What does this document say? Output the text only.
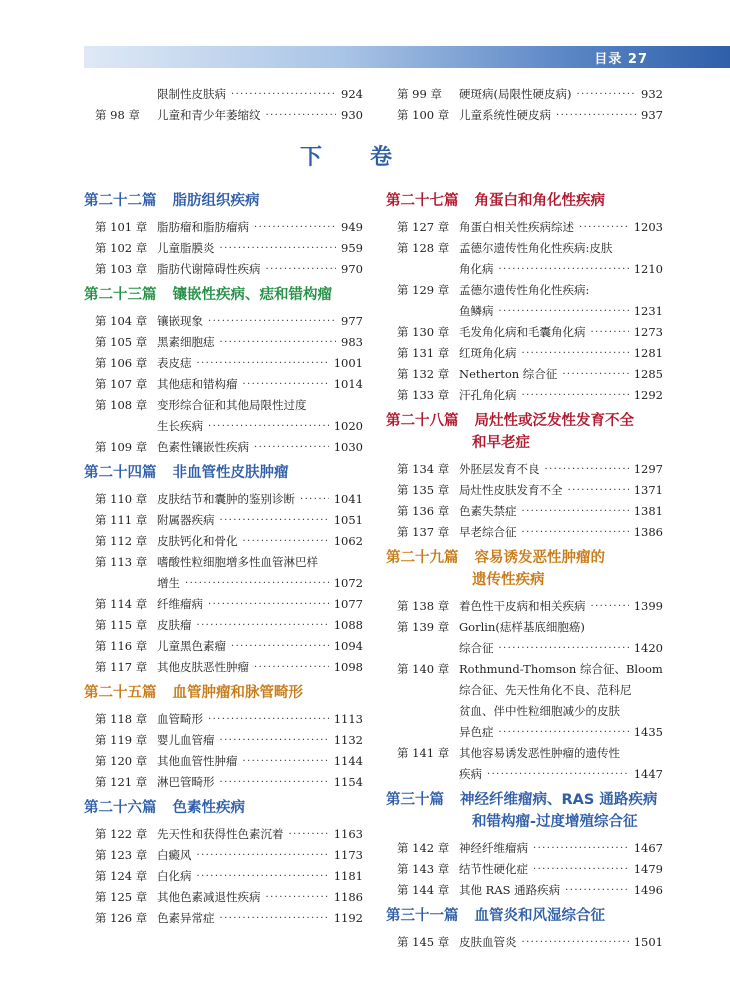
目录 27
限制性皮肤病 ·····	924
第 98 章 儿童和青少年萎缩纹 ·····	930
第 99 章 硬斑病(局限性硬皮病) ·····	932
第 100 章 儿童系统性硬皮病 ·····	937
下卷
第二十二篇 脂肪组织疾病
第 101 章 脂肪瘤和脂肪瘤病 ·····	949
第 102 章 儿童脂膜炎 ·····	959
第 103 章 脂肪代谢障碍性疾病 ·····	970
第二十三篇 镶嵌性疾病、痣和错构瘤
第 104 章 镶嵌现象 ·····	977
第 105 章 黑素细胞痣 ·····	983
第 106 章 表皮痣 ·····	1001
第 107 章 其他痣和错构瘤 ·····	1014
第 108 章 变形综合征和其他局限性过度
生长疾病 ·····	1020
第 109 章 色素性镶嵌性疾病 ·····	1030
第二十四篇 非血管性皮肤肿瘤
第 110 章 皮肤结节和囊肿的鉴别诊断 ·····	1041
第 111 章 附属器疾病 ·····	1051
第 112 章 皮肤钙化和骨化 ·····	1062
第 113 章 嗜酸性粒细胞增多性血管淋巴样
增生 ·····	1072
第 114 章 纤维瘤病 ·····	1077
第 115 章 皮肤瘤 ·····	1088
第 116 章 儿童黑色素瘤 ·····	1094
第 117 章 其他皮肤恶性肿瘤 ·····	1098
第二十五篇 血管肿瘤和脉管畸形
第 118 章 血管畸形 ·····	1113
第 119 章 婴儿血管瘤 ·····	1132
第 120 章 其他血管性肿瘤 ·····	1144
第 121 章 淋巴管畸形 ·····	1154
第二十六篇 色素性疾病
第 122 章 先天性和获得性色素沉着 ·····	1163
第 123 章 白癜风 ·····	1173
第 124 章 白化病 ·····	1181
第 125 章 其他色素减退性疾病 ·····	1186
第 126 章 色素异常症 ·····	1192
第二十七篇 角蛋白和角化性疾病
第 127 章 角蛋白相关性疾病综述 ·····	1203
第 128 章 孟德尔遗传性角化性疾病:皮肤
角化病 ·····	1210
第 129 章 孟德尔遗传性角化性疾病:
鱼鳞病 ·····	1231
第 130 章 毛发角化病和毛囊角化病 ·····	1273
第 131 章 红斑角化病 ·····	1281
第 132 章 Netherton 综合征 ·····	1285
第 133 章 汗孔角化病 ·····	1292
第二十八篇 局灶性或泛发性发育不全
和早老症
第 134 章 外胚层发育不良 ·····	1297
第 135 章 局灶性皮肤发育不全 ·····	1371
第 136 章 色素失禁症 ·····	1381
第 137 章 早老综合征 ·····	1386
第二十九篇 容易诱发恶性肿瘤的
遗传性疾病
第 138 章 着色性干皮病和相关疾病 ·····	1399
第 139 章 Gorlin(痣样基底细胞癌)
综合征 ·····	1420
第 140 章 Rothmund-Thomson 综合征、Bloom
综合征、先天性角化不良、范科尼
贫血、伴中性粒细胞减少的皮肤
异色症 ·····	1435
第 141 章 其他容易诱发恶性肿瘤的遗传性
疾病 ·····	1447
第三十篇 神经纤维瘤病、RAS 通路疾病
和错构瘤-过度增殖综合征
第 142 章 神经纤维瘤病 ·····	1467
第 143 章 结节性硬化症 ·····	1479
第 144 章 其他 RAS 通路疾病 ·····	1496
第三十一篇 血管炎和风湿综合征
第 145 章 皮肤血管炎 ·····	1501
